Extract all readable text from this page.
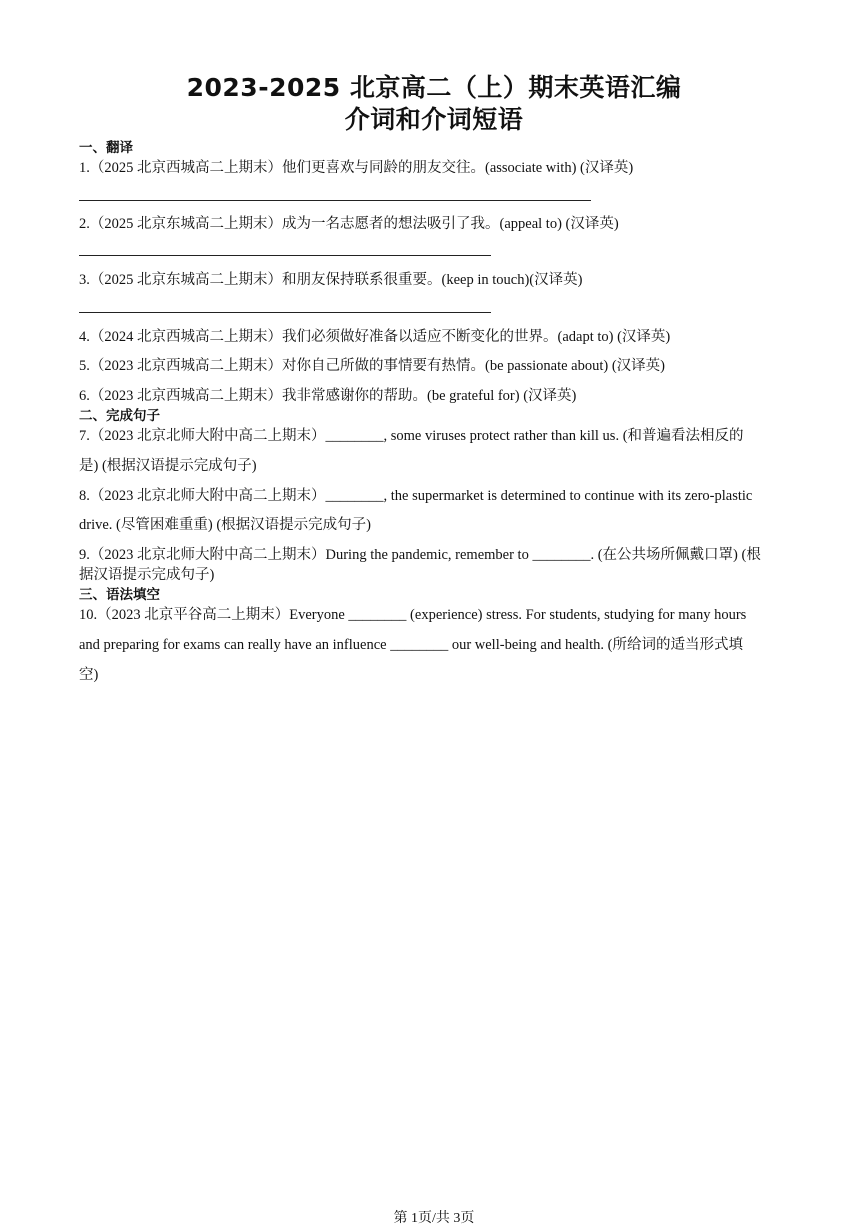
2023-2025 北京高二（上）期末英语汇编
介词和介词短语
一、翻译
1.（2025 北京西城高二上期末）他们更喜欢与同龄的朋友交往。(associate with) (汉译英)
2.（2025 北京东城高二上期末）成为一名志愿者的想法吸引了我。(appeal to) (汉译英)
3.（2025 北京东城高二上期末）和朋友保持联系很重要。(keep in touch)(汉译英)
4.（2024 北京西城高二上期末）我们必须做好准备以适应不断变化的世界。(adapt to) (汉译英)
5.（2023 北京西城高二上期末）对你自己所做的事情要有热情。(be passionate about) (汉译英)
6.（2023 北京西城高二上期末）我非常感谢你的帮助。(be grateful for) (汉译英)
二、完成句子
7.（2023 北京北师大附中高二上期末）________, some viruses protect rather than kill us. (和普遍看法相反的
是) (根据汉语提示完成句子)
8.（2023 北京北师大附中高二上期末）________, the supermarket is determined to continue with its zero-plastic
drive. (尽管困难重重) (根据汉语提示完成句子)
9.（2023 北京北师大附中高二上期末）During the pandemic, remember to ________. (在公共场所佩戴口罩) (根
据汉语提示完成句子)
三、语法填空
10.（2023 北京平谷高二上期末）Everyone ________ (experience) stress. For students, studying for many hours
and preparing for exams can really have an influence ________ our well-being and health. (所给词的适当形式填
空)
第 1页/共 3页
